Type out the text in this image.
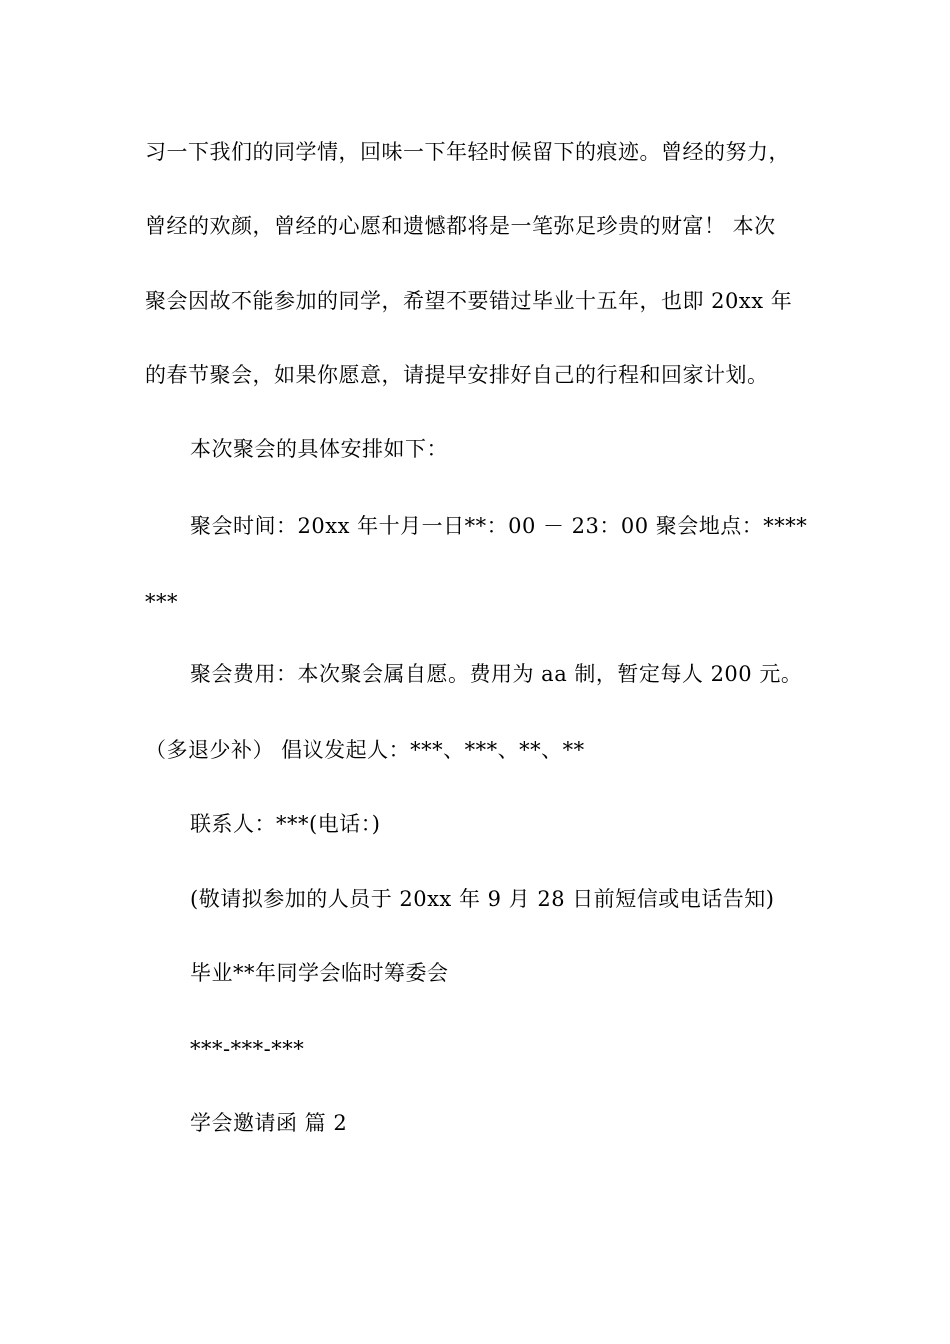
习一下我们的同学情，回味一下年轻时候留下的痕迹。曾经的努力，
曾经的欢颜，曾经的心愿和遗憾都将是一笔弥足珍贵的财富！ 本次
聚会因故不能参加的同学，希望不要错过毕业十五年，也即 20xx 年
的春节聚会，如果你愿意，请提早安排好自己的行程和回家计划。
本次聚会的具体安排如下：
聚会时间：20xx 年十月一日**：00 － 23：00 聚会地点：****
***
聚会费用：本次聚会属自愿。费用为 aa 制，暂定每人 200 元。
（多退少补） 倡议发起人：***、***、**、**
联系人：***(电话：)
(敬请拟参加的人员于 20xx 年 9 月 28 日前短信或电话告知)
毕业**年同学会临时筹委会
***-***-***
学会邀请函 篇 2
